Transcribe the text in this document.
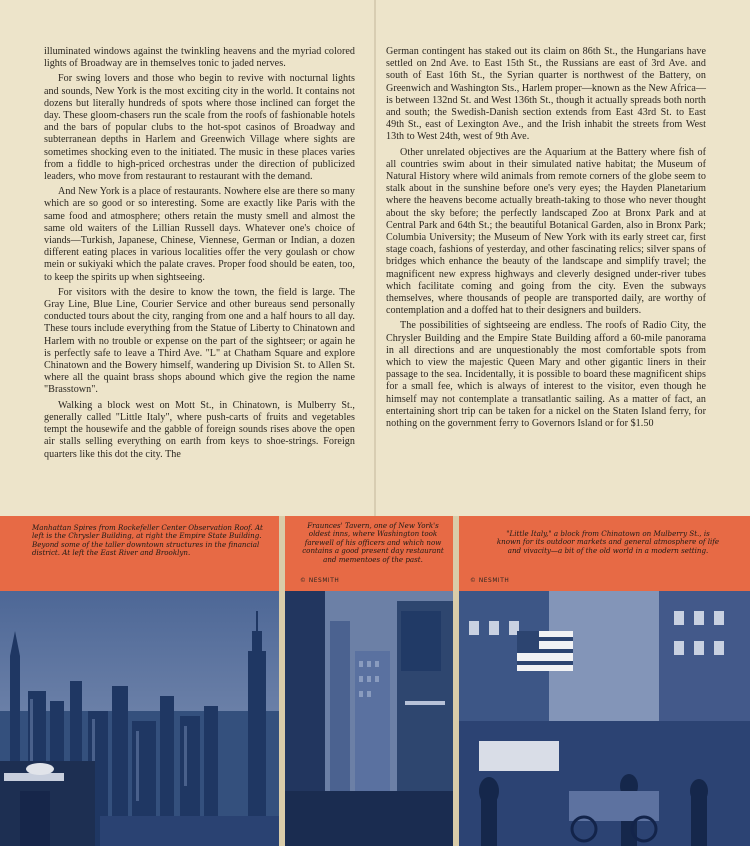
illuminated windows against the twinkling heavens and the myriad colored lights of Broadway are in themselves tonic to jaded nerves.

For swing lovers and those who begin to revive with nocturnal lights and sounds, New York is the most exciting city in the world. It contains not dozens but literally hundreds of spots where those inclined can forget the day. These gloom-chasers run the scale from the roofs of fashionable hotels and the bars of popular clubs to the hot-spot casinos of Broadway and subterranean depths in Harlem and Greenwich Village where sights are sometimes shocking even to the initiated. The music in these places varies from a fiddle to high-priced orchestras under the direction of publicized leaders, who move from restaurant to restaurant with the demand.

And New York is a place of restaurants. Nowhere else are there so many which are so good or so interesting. Some are exactly like Paris with the same food and atmosphere; others retain the musty smell and almost the same old waiters of the Lillian Russell days. Whatever one's choice of viands—Turkish, Japanese, Chinese, Viennese, German or Indian, a dozen different eating places in various localities offer the very goulash or chow mein or sukiyaki which the palate craves. Proper food should be eaten, too, to keep the spirits up when sightseeing.

For visitors with the desire to know the town, the field is large. The Gray Line, Blue Line, Courier Service and other bureaus send personally conducted tours about the city, ranging from one and a half hours to all day. These tours include everything from the Statue of Liberty to Chinatown and Harlem with no trouble or expense on the part of the sightseer; or again he is perfectly safe to leave a Third Ave. "L" at Chatham Square and explore Chinatown and the Bowery himself, wandering up Division St. to Allen St. where all the quaint brass shops abound which give the region the name "Brasstown".

Walking a block west on Mott St., in Chinatown, is Mulberry St., generally called "Little Italy", where push-carts of fruits and vegetables tempt the housewife and the gabble of foreign sounds rises above the open air stalls selling everything on earth from keys to shoe-strings. Foreign quarters like this dot the city. The

German contingent has staked out its claim on 86th St., the Hungarians have settled on 2nd Ave. to East 15th St., the Russians are east of 3rd Ave. and south of East 16th St., the Syrian quarter is northwest of the Battery, on Greenwich and Washington Sts., Harlem proper—known as the New Africa—is between 132nd St. and West 136th St., though it actually spreads both north and south; the Swedish-Danish section extends from East 43rd St. to East 49th St., east of Lexington Ave., and the Irish inhabit the streets from West 13th to West 24th, west of 9th Ave.

Other unrelated objectives are the Aquarium at the Battery where fish of all countries swim about in their simulated native habitat; the Museum of Natural History where wild animals from remote corners of the globe seem to stalk about in the sunshine before one's very eyes; the Hayden Planetarium where the heavens become actually breath-taking to those who never thought about the sky before; the perfectly landscaped Zoo at Bronx Park and at Central Park and 64th St.; the beautiful Botanical Garden, also in Bronx Park; Columbia University; the Museum of New York with its early street car, first stage coach, fashions of yesterday, and other fascinating relics; silver spans of bridges which enhance the beauty of the landscape and simplify travel; the magnificent new express highways and cleverly designed under-river tubes which facilitate coming and going from the city. Even the subways themselves, where thousands of people are transported daily, are worthy of contemplation and a doffed hat to their designers and builders.

The possibilities of sightseeing are endless. The roofs of Radio City, the Chrysler Building and the Empire State Building afford a 60-mile panorama in all directions and are unquestionably the most comfortable spots from which to view the majestic Queen Mary and other gigantic liners in their passage to the sea. Incidentally, it is possible to board these magnificent ships for a small fee, which is always of interest to the visitor, even though he himself may not contemplate a transatlantic sailing. As a matter of fact, an entertaining short trip can be taken for a nickel on the Staten Island ferry, for nothing on the government ferry to Governors Island or for $1.50

Manhattan Spires from Rockefeller Center Observation Roof. At left is the Chrysler Building, at right the Empire State Building. Beyond some of the taller downtown structures in the financial district. At left the East River and Brooklyn.
Fraunces' Tavern, one of New York's oldest inns, where Washington took farewell of his officers and which now contains a good present day restaurant and mementoes of the past.
© NESMITH
"Little Italy," a block from Chinatown on Mulberry St., is known for its outdoor markets and general atmosphere of life and vivacity—a bit of the old world in a modern setting.
© NESMITH
